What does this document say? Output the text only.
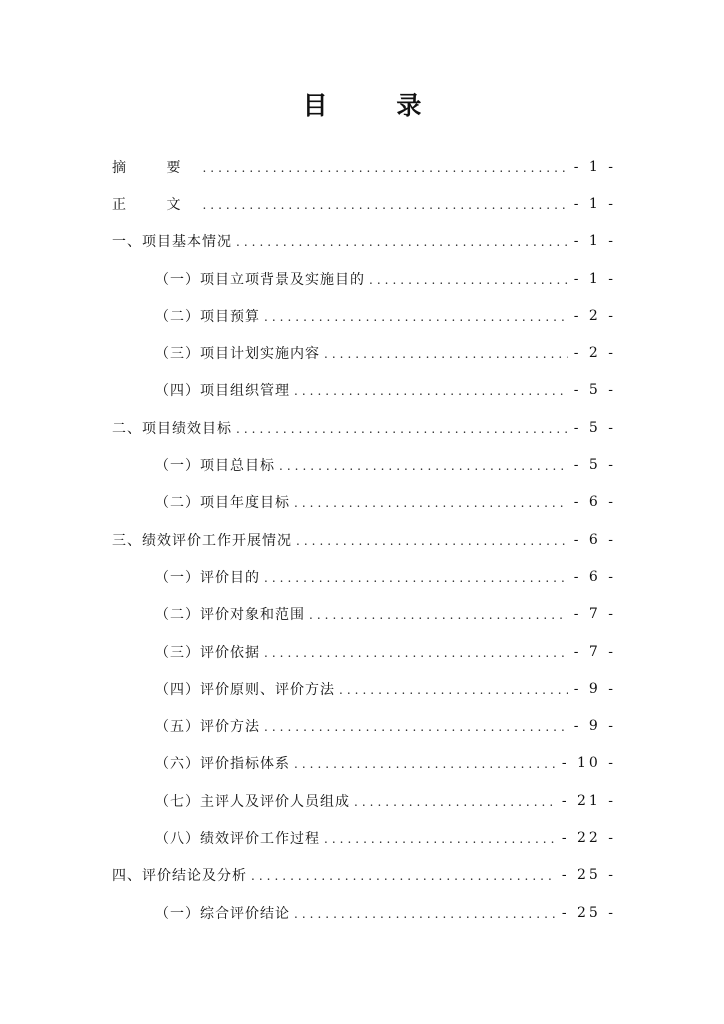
目 录
摘 要 .....	- 1 -
正 文 .....	- 1 -
一、项目基本情况 .....	- 1 -
（一）项目立项背景及实施目的 .....	- 1 -
（二）项目预算 .....	- 2 -
（三）项目计划实施内容 .....	- 2 -
（四）项目组织管理 .....	- 5 -
二、项目绩效目标 .....	- 5 -
（一）项目总目标 .....	- 5 -
（二）项目年度目标 .....	- 6 -
三、绩效评价工作开展情况 .....	- 6 -
（一）评价目的 .....	- 6 -
（二）评价对象和范围 .....	- 7 -
（三）评价依据 .....	- 7 -
（四）评价原则、评价方法 .....	- 9 -
（五）评价方法 .....	- 9 -
（六）评价指标体系 .....	- 10 -
（七）主评人及评价人员组成 .....	- 21 -
（八）绩效评价工作过程 .....	- 22 -
四、评价结论及分析 .....	- 25 -
（一）综合评价结论 .....	- 25 -
